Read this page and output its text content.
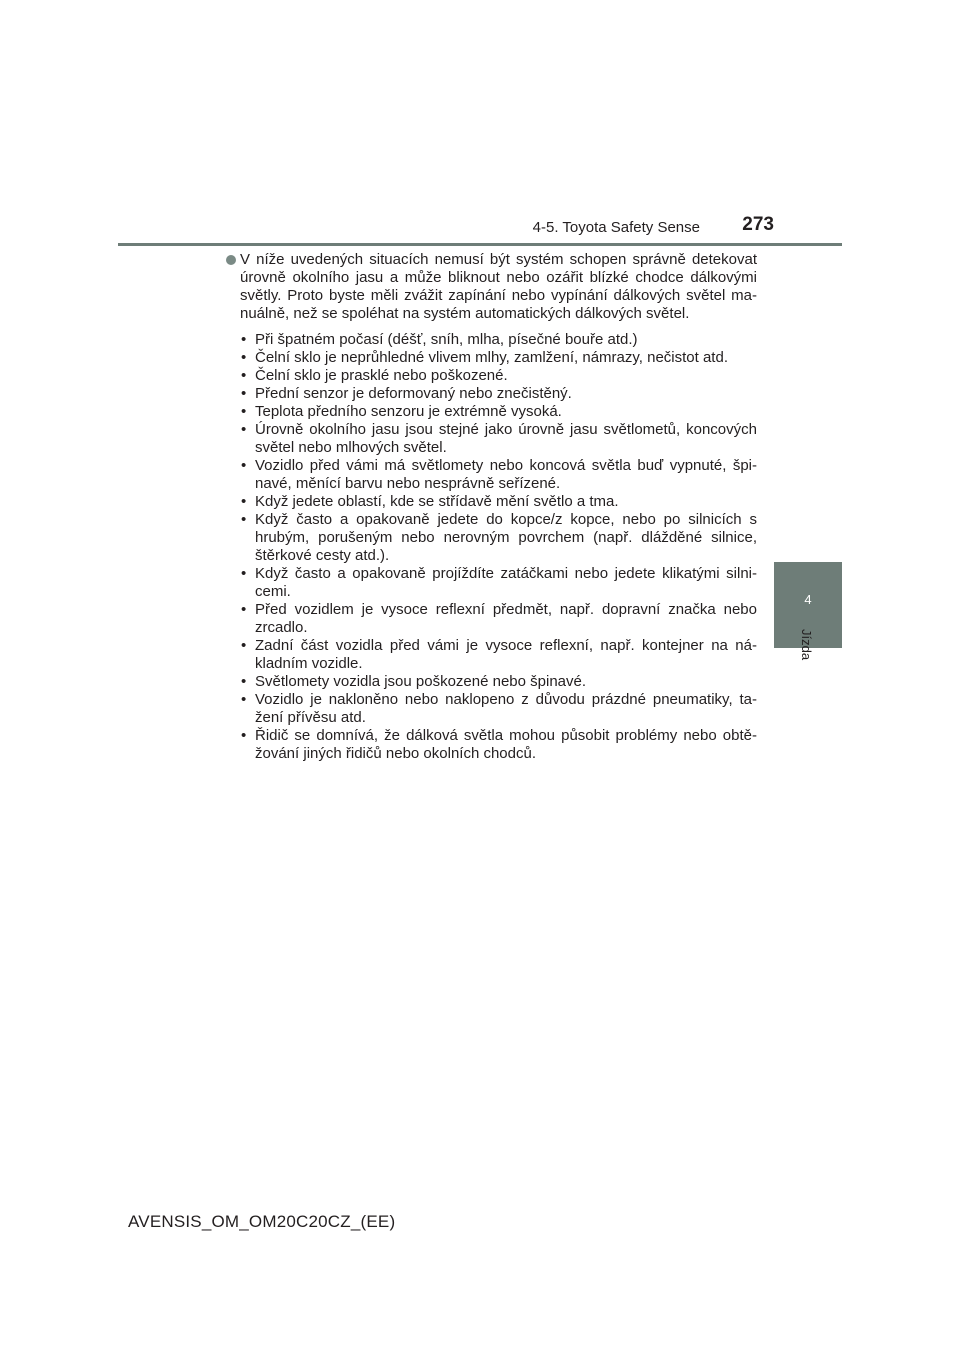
4-5. Toyota Safety Sense	273
4
Jízda
V níže uvedených situacích nemusí být systém schopen správně detekovat úrovně okolního jasu a může bliknout nebo ozářit blízké chodce dálkovými světly. Proto byste měli zvážit zapínání nebo vypínání dálkových světel ma-nuálně, než se spoléhat na systém automatických dálkových světel.
• Při špatném počasí (déšť, sníh, mlha, písečné bouře atd.)
• Čelní sklo je neprůhledné vlivem mlhy, zamlžení, námrazy, nečistot atd.
• Čelní sklo je prasklé nebo poškozené.
• Přední senzor je deformovaný nebo znečistěný.
• Teplota předního senzoru je extrémně vysoká.
• Úrovně okolního jasu jsou stejné jako úrovně jasu světlometů, koncových světel nebo mlhových světel.
• Vozidlo před vámi má světlomety nebo koncová světla buď vypnuté, špi-navé, měnící barvu nebo nesprávně seřízené.
• Když jedete oblastí, kde se střídavě mění světlo a tma.
• Když často a opakovaně jedete do kopce/z kopce, nebo po silnicích s hrubým, porušeným nebo nerovným povrchem (např. dlážděné silnice, štěrkové cesty atd.).
• Když často a opakovaně projíždíte zatáčkami nebo jedete klikatými silni-cemi.
• Před vozidlem je vysoce reflexní předmět, např. dopravní značka nebo zrcadlo.
• Zadní část vozidla před vámi je vysoce reflexní, např. kontejner na ná-kladním vozidle.
• Světlomety vozidla jsou poškozené nebo špinavé.
• Vozidlo je nakloněno nebo naklopeno z důvodu prázdné pneumatiky, ta-žení přívěsu atd.
• Řidič se domnívá, že dálková světla mohou působit problémy nebo obtě-žování jiných řidičů nebo okolních chodců.
AVENSIS_OM_OM20C20CZ_(EE)
